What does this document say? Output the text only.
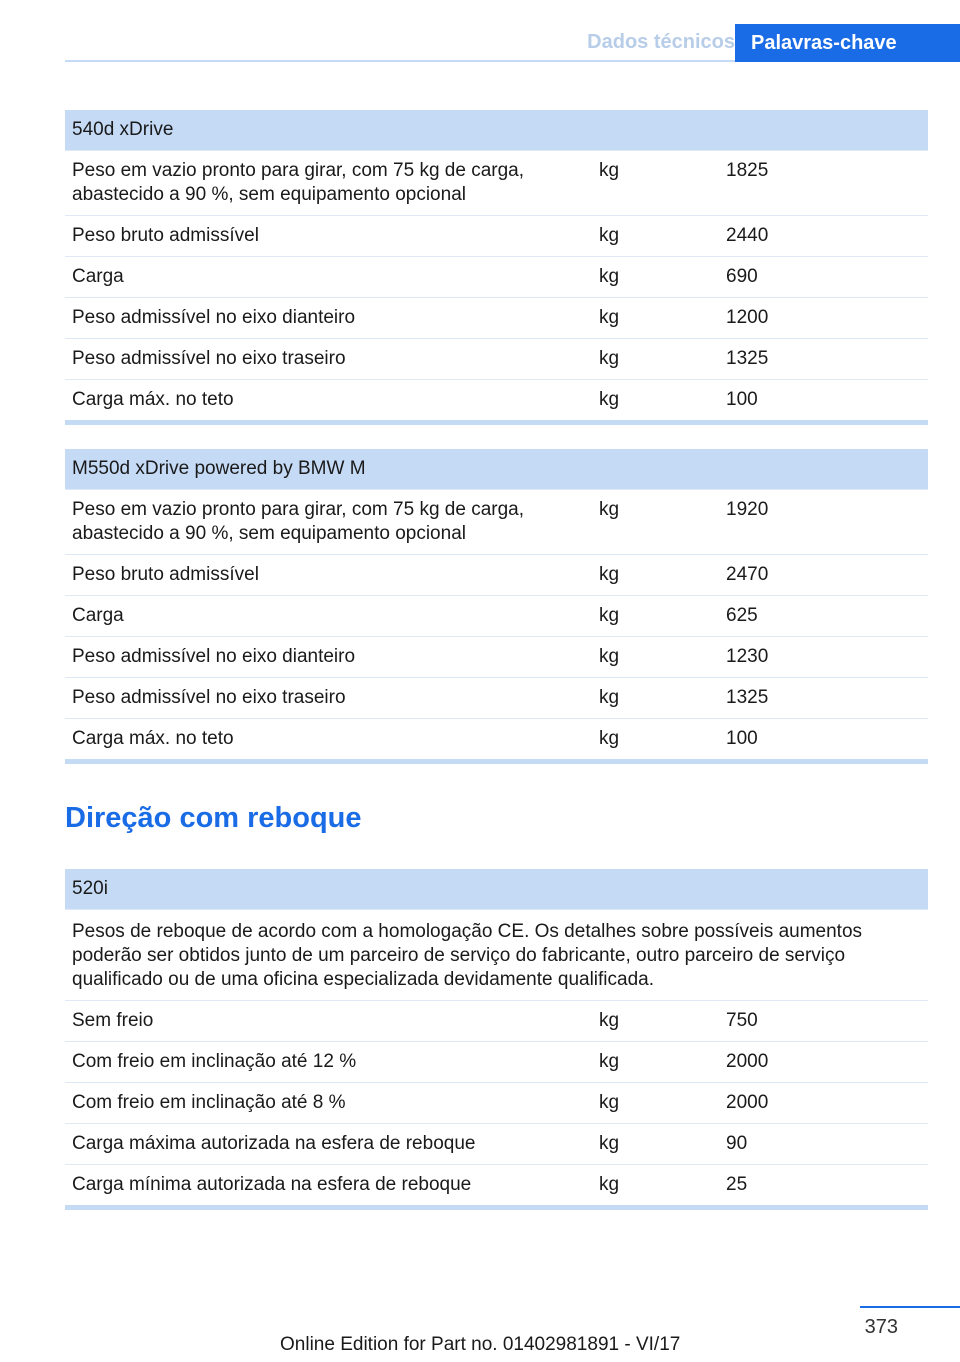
Dados técnicos Palavras-chave
540d xDrive		
Peso em vazio pronto para girar, com 75 kg de carga, abastecido a 90 %, sem equipamento opcional	kg	1825
Peso bruto admissível	kg	2440
Carga	kg	690
Peso admissível no eixo dianteiro	kg	1200
Peso admissível no eixo traseiro	kg	1325
Carga máx. no teto	kg	100
M550d xDrive powered by BMW M		
Peso em vazio pronto para girar, com 75 kg de carga, abastecido a 90 %, sem equipamento opcional	kg	1920
Peso bruto admissível	kg	2470
Carga	kg	625
Peso admissível no eixo dianteiro	kg	1230
Peso admissível no eixo traseiro	kg	1325
Carga máx. no teto	kg	100
Direção com reboque
520i		
Pesos de reboque de acordo com a homologação CE. Os detalhes sobre possíveis aumentos poderão ser obtidos junto de um parceiro de serviço do fabricante, outro parceiro de serviço qualificado ou de uma oficina especializada devidamente qualificada.		
Sem freio	kg	750
Com freio em inclinação até 12 %	kg	2000
Com freio em inclinação até 8 %	kg	2000
Carga máxima autorizada na esfera de reboque	kg	90
Carga mínima autorizada na esfera de reboque	kg	25
373
Online Edition for Part no. 01402981891 - VI/17
